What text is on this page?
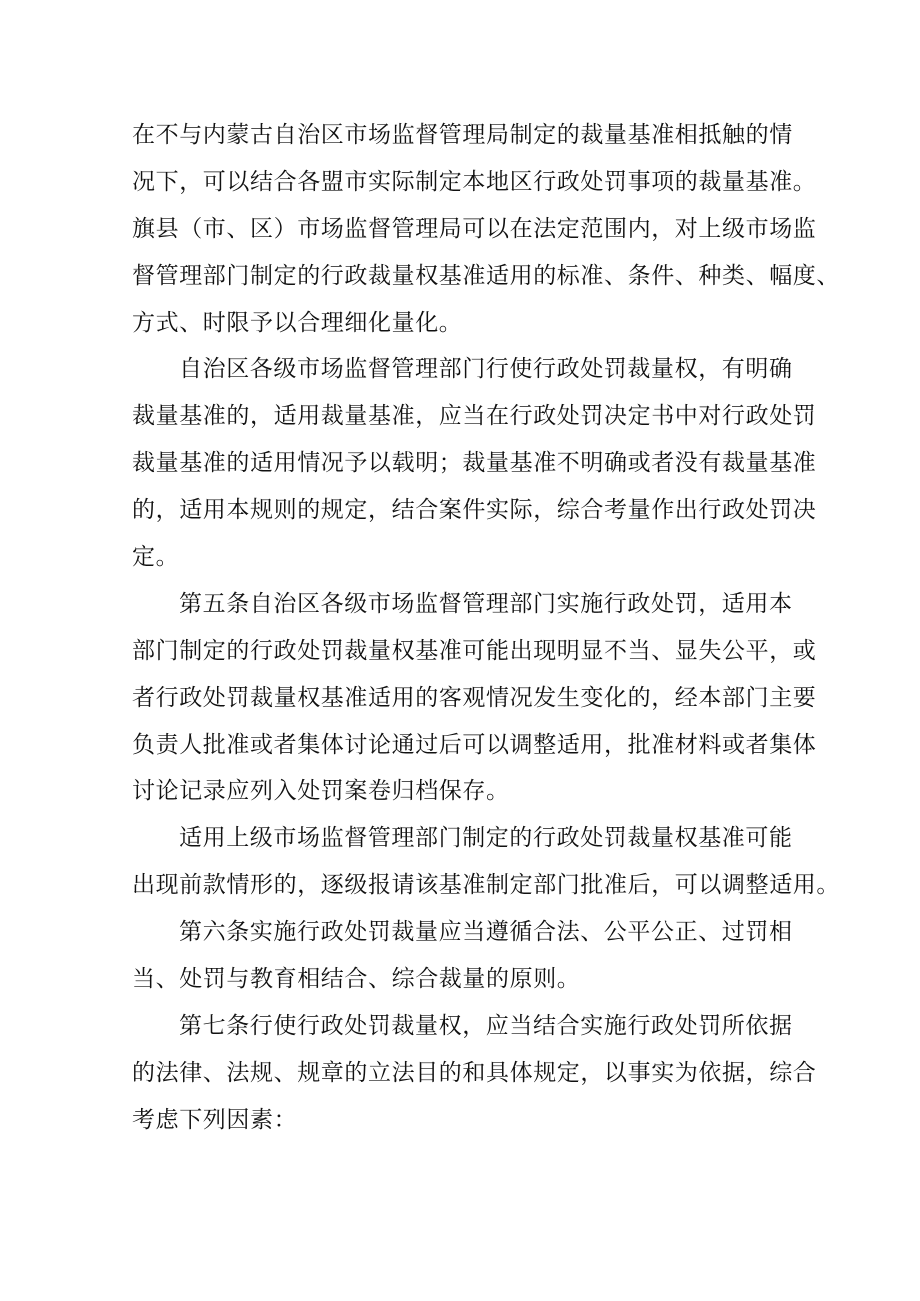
在不与内蒙古自治区市场监督管理局制定的裁量基准相抵触的情
况下，可以结合各盟市实际制定本地区行政处罚事项的裁量基准。
旗县（市、区）市场监督管理局可以在法定范围内，对上级市场监
督管理部门制定的行政裁量权基准适用的标准、条件、种类、幅度、
方式、时限予以合理细化量化。
自治区各级市场监督管理部门行使行政处罚裁量权，有明确
裁量基准的，适用裁量基准，应当在行政处罚决定书中对行政处罚
裁量基准的适用情况予以载明；裁量基准不明确或者没有裁量基准
的，适用本规则的规定，结合案件实际，综合考量作出行政处罚决
定。
第五条自治区各级市场监督管理部门实施行政处罚，适用本
部门制定的行政处罚裁量权基准可能出现明显不当、显失公平，或
者行政处罚裁量权基准适用的客观情况发生变化的，经本部门主要
负责人批准或者集体讨论通过后可以调整适用，批准材料或者集体
讨论记录应列入处罚案卷归档保存。
适用上级市场监督管理部门制定的行政处罚裁量权基准可能
出现前款情形的，逐级报请该基准制定部门批准后，可以调整适用。
第六条实施行政处罚裁量应当遵循合法、公平公正、过罚相
当、处罚与教育相结合、综合裁量的原则。
第七条行使行政处罚裁量权，应当结合实施行政处罚所依据
的法律、法规、规章的立法目的和具体规定，以事实为依据，综合
考虑下列因素：
